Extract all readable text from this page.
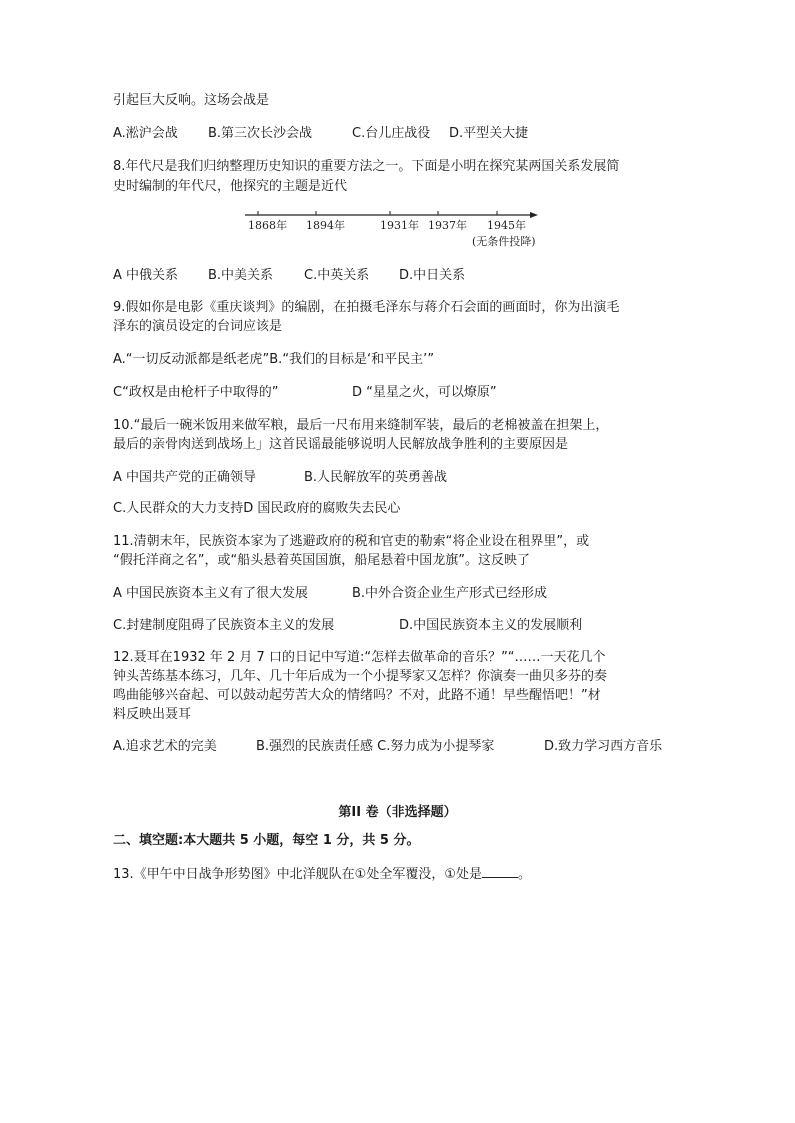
引起巨大反响。这场会战是
A.淞沪会战 B.第三次长沙会战	C.台儿庄战役 D.平型关大捷
8.年代尺是我们归纳整理历史知识的重要方法之一。下面是小明在探究某两国关系发展简
史时编制的年代尺，他探究的主题是近代
1868年 1894年	1931年 1937年 1945年
(无条件投降)
A 中俄关系 B.中美关系 C.中英关系 D.中日关系
9.假如你是电影《重庆谈判》的编剧，在拍摄毛泽东与蒋介石会面的画面时，你为出演毛
泽东的演员设定的台词应该是
A.“一切反动派都是纸老虎”B.“我们的目标是‘和平民主’”
C“政权是由枪杆子中取得的”	D “星星之火，可以燎原”
10.“最后一碗米饭用来做军粮，最后一尺布用来缝制军装，最后的老棉被盖在担架上，
最后的亲骨肉送到战场上」这首民谣最能够说明人民解放战争胜利的主要原因是
A 中国共产党的正确领导	B.人民解放军的英勇善战
C.人民群众的大力支持D 国民政府的腐败失去民心
11.清朝末年，民族资本家为了逃避政府的税和官吏的勒索“将企业设在租界里”，或
“假托洋商之名”，或“船头悬着英国国旗，船尾悬着中国龙旗”。这反映了
A 中国民族资本主义有了很大发展	B.中外合资企业生产形式已经形成
C.封建制度阻碍了民族资本主义的发展	D.中国民族资本主义的发展顺利
12.聂耳在1932 年 2 月 7 口的日记中写道:“怎样去做革命的音乐？”“……一天花几个
钟头苦练基本练习，几年、几十年后成为一个小提琴家又怎样？你演奏一曲贝多芬的奏
鸣曲能够兴奋起、可以鼓动起劳苦大众的情绪吗？不对，此路不通！早些醒悟吧！”材
料反映出聂耳
A.追求艺术的完美	B.强烈的民族责任感 C.努力成为小提琴家	D.致力学习西方音乐
第II 卷（非选择题）
二、填空题:本大题共 5 小题，每空 1 分，共 5 分。
13.《甲午中日战争形势图》中北洋舰队在①处全军覆没，①处是	。
